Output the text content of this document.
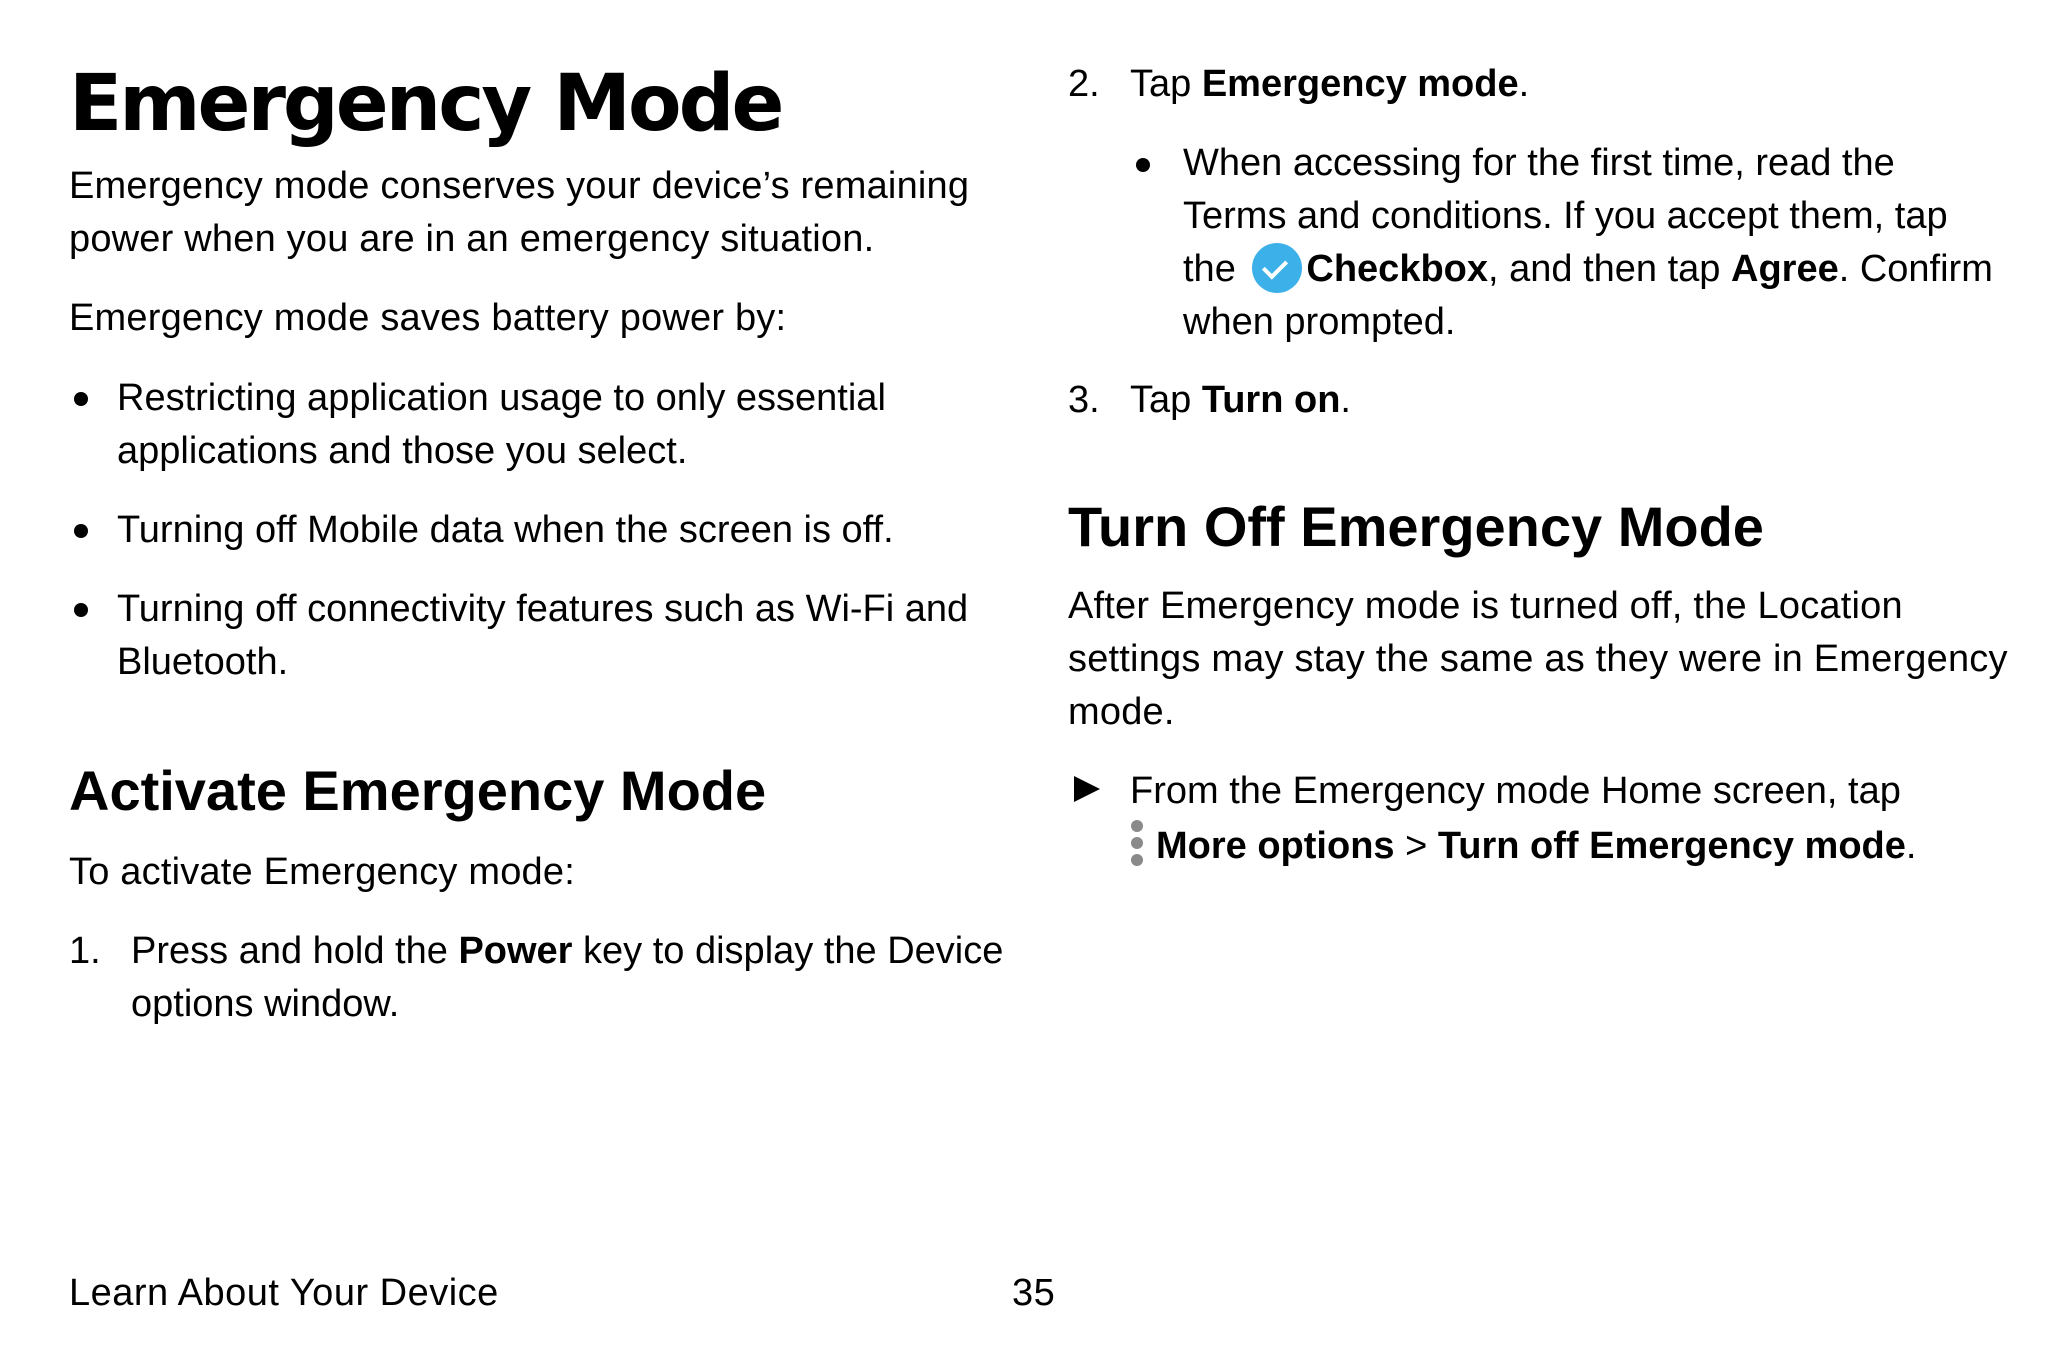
Emergency Mode

Emergency mode conserves your device’s remaining
power when you are in an emergency situation.

Emergency mode saves battery power by:

Restricting application usage to only essential
applications and those you select.
Turning off Mobile data when the screen is off.
Turning off connectivity features such as Wi-Fi and
Bluetooth.
Activate Emergency Mode

To activate Emergency mode:

1. Press and hold the Power key to display the Device
options window.
2. Tap Emergency mode.
When accessing for the first time, read the
Terms and conditions. If you accept them, tap
the Checkbox, and then tap Agree. Confirm
when prompted.
3. Tap Turn on.
Turn Off Emergency Mode

After Emergency mode is turned off, the Location
settings may stay the same as they were in Emergency
mode.

From the Emergency mode Home screen, tap

More options > Turn off Emergency mode.
Learn About Your Device	35
